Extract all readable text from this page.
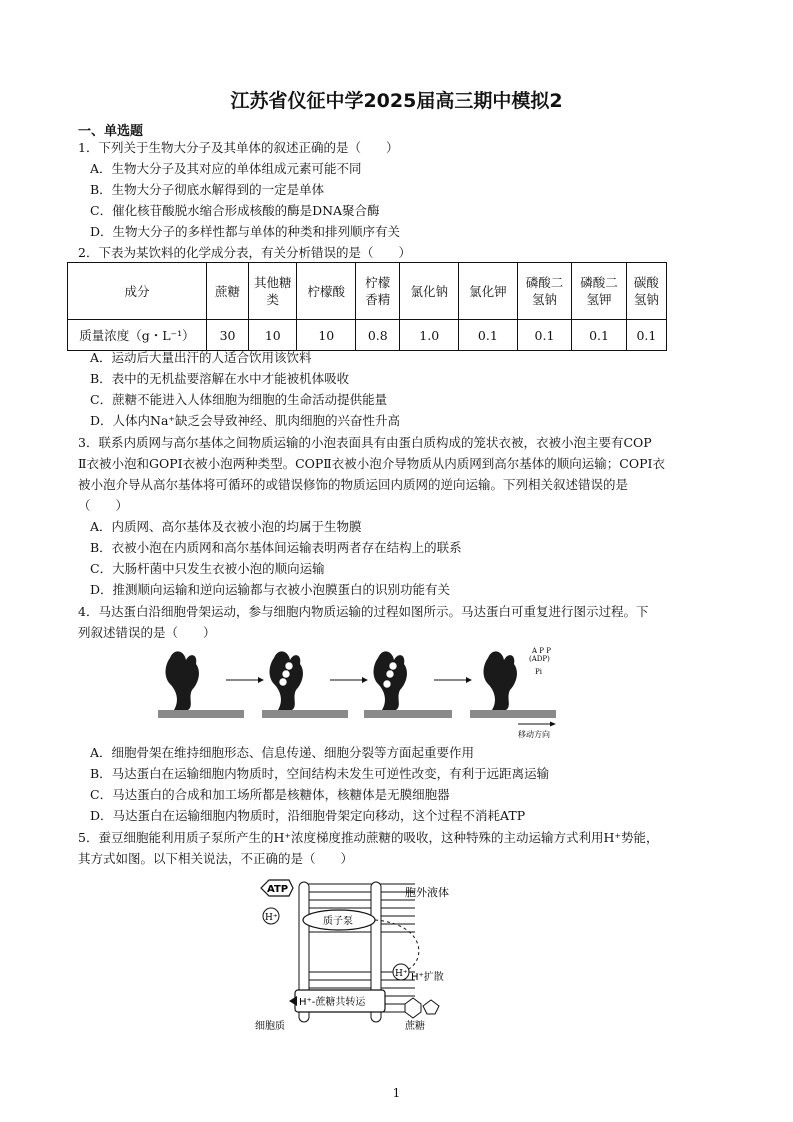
江苏省仪征中学2025届高三期中模拟2
一、单选题
1．下列关于生物大分子及其单体的叙述正确的是（　　）
A．生物大分子及其对应的单体组成元素可能不同
B．生物大分子彻底水解得到的一定是单体
C．催化核苷酸脱水缩合形成核酸的酶是DNA聚合酶
D．生物大分子的多样性都与单体的种类和排列顺序有关
2．下表为某饮料的化学成分表，有关分析错误的是（　　）
成分	蔗糖	其他糖类	柠檬酸	柠檬香精	氯化钠	氯化钾	磷酸二氢钠	磷酸二氢钾	碳酸氢钠
质量浓度（g・L⁻¹）	30	10	10	0.8	1.0	0.1	0.1	0.1	0.1
A．运动后大量出汗的人适合饮用该饮料
B．表中的无机盐要溶解在水中才能被机体吸收
C．蔗糖不能进入人体细胞为细胞的生命活动提供能量
D．人体内Na⁺缺乏会导致神经、肌肉细胞的兴奋性升高
3．联系内质网与高尔基体之间物质运输的小泡表面具有由蛋白质构成的笼状衣被，衣被小泡主要有COP
Ⅱ衣被小泡和GOPI衣被小泡两种类型。COPⅡ衣被小泡介导物质从内质网到高尔基体的顺向运输；COPI衣
被小泡介导从高尔基体将可循环的或错误修饰的物质运回内质网的逆向运输。下列相关叙述错误的是
（　　）
A．内质网、高尔基体及衣被小泡的均属于生物膜
B．衣被小泡在内质网和高尔基体间运输表明两者存在结构上的联系
C．大肠杆菌中只发生衣被小泡的顺向运输
D．推测顺向运输和逆向运输都与衣被小泡膜蛋白的识别功能有关
4．马达蛋白沿细胞骨架运动，参与细胞内物质运输的过程如图所示。马达蛋白可重复进行图示过程。下
列叙述错误的是（　　）
A P P
(ADP)
Pi
移动方向
A．细胞骨架在维持细胞形态、信息传递、细胞分裂等方面起重要作用
B．马达蛋白在运输细胞内物质时，空间结构未发生可逆性改变，有利于远距离运输
C．马达蛋白的合成和加工场所都是核糖体，核糖体是无膜细胞器
D．马达蛋白在运输细胞内物质时，沿细胞骨架定向移动，这个过程不消耗ATP
5．蚕豆细胞能利用质子泵所产生的H⁺浓度梯度推动蔗糖的吸收，这种特殊的主动运输方式利用H⁺势能，
其方式如图。以下相关说法，不正确的是（　　）
质子泵
ATP
H⁺
胞外液体
H⁺ H⁺扩散
H⁺-蔗糖共转运
蔗糖
细胞质
1
